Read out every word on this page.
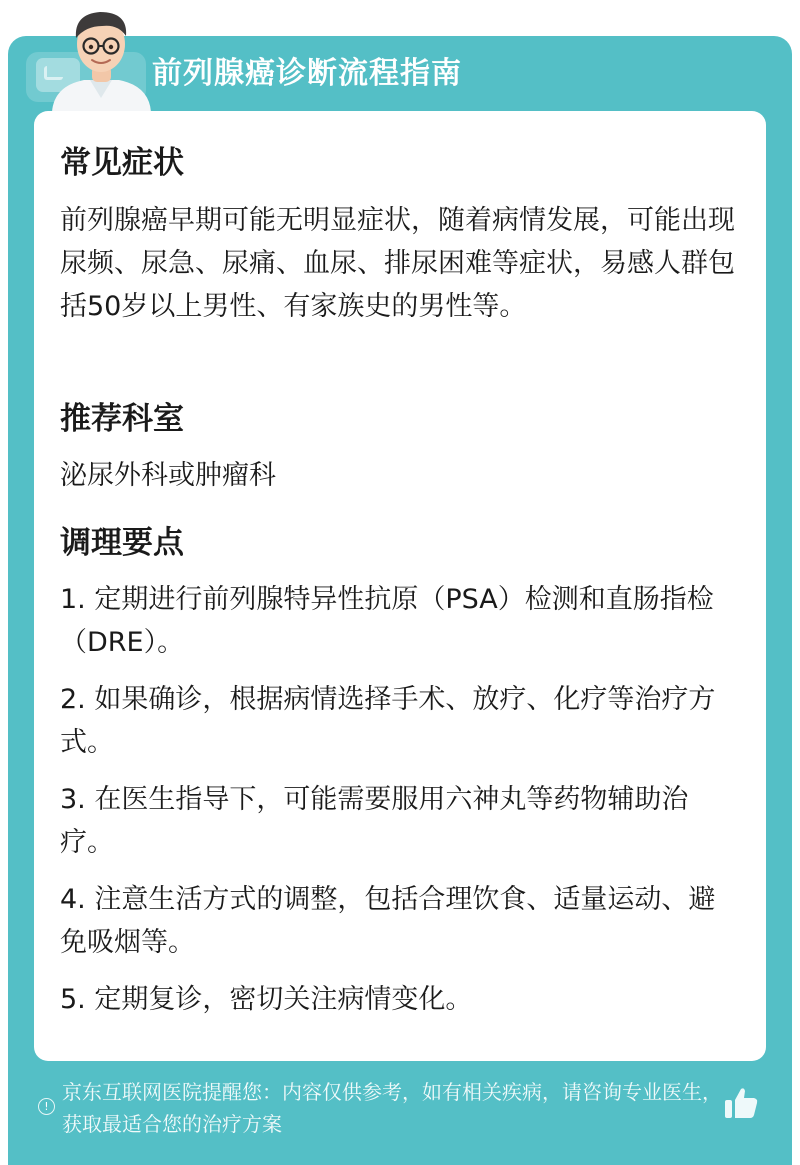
前列腺癌诊断流程指南
常见症状
前列腺癌早期可能无明显症状，随着病情发展，可能出现尿频、尿急、尿痛、血尿、排尿困难等症状，易感人群包括50岁以上男性、有家族史的男性等。
推荐科室
泌尿外科或肿瘤科
调理要点
1. 定期进行前列腺特异性抗原（PSA）检测和直肠指检（DRE）。
2. 如果确诊，根据病情选择手术、放疗、化疗等治疗方式。
3. 在医生指导下，可能需要服用六神丸等药物辅助治疗。
4. 注意生活方式的调整，包括合理饮食、适量运动、避免吸烟等。
5. 定期复诊，密切关注病情变化。
!
京东互联网医院提醒您：内容仅供参考，如有相关疾病，请咨询专业医生，获取最适合您的治疗方案
